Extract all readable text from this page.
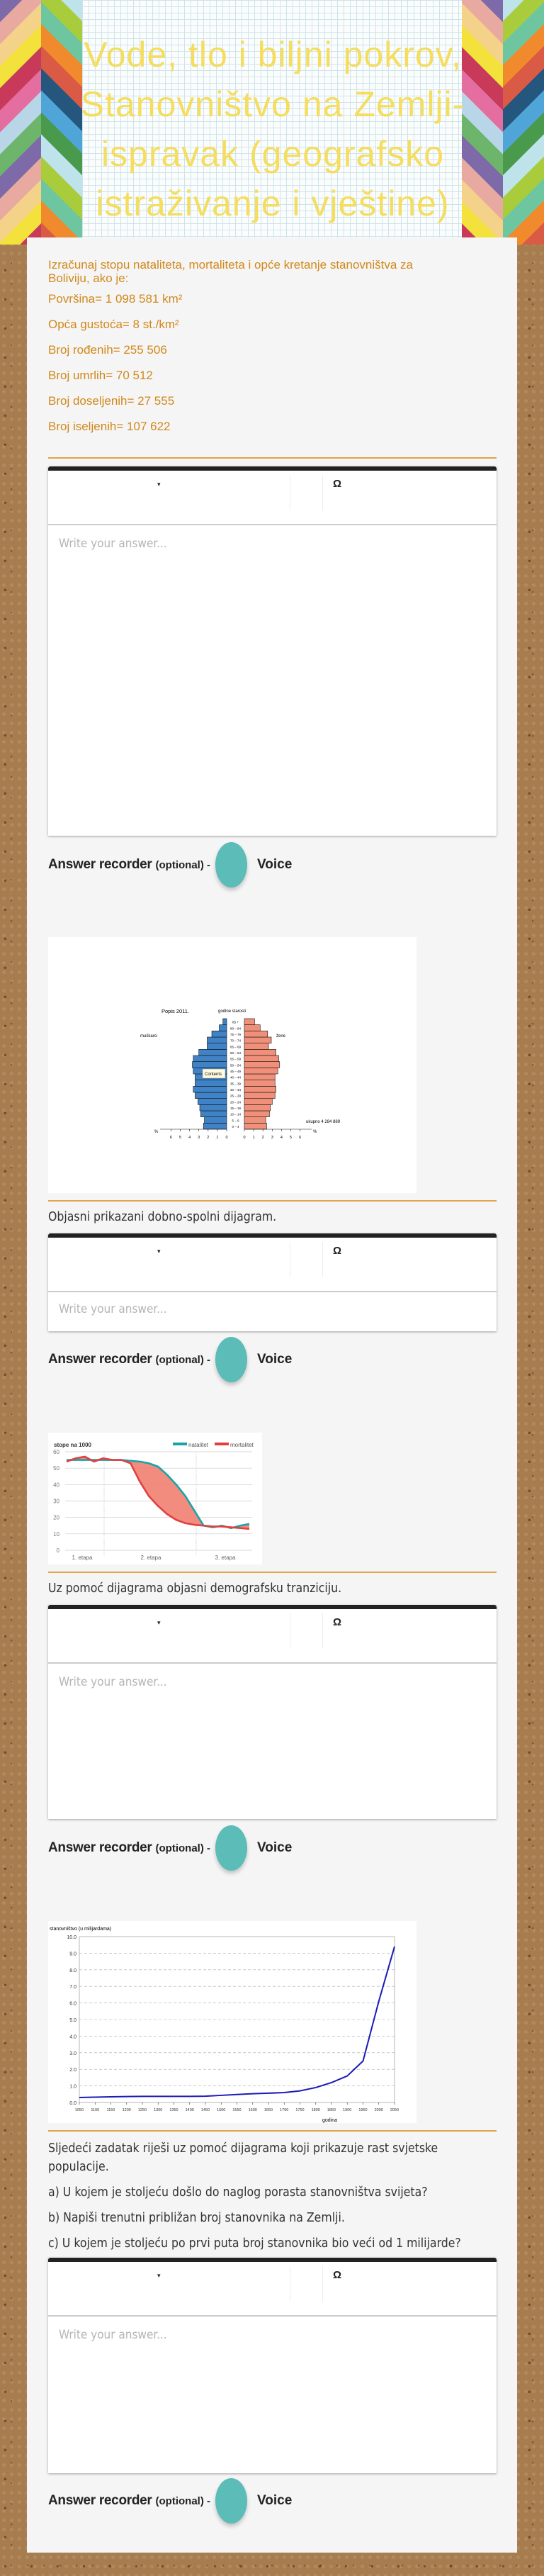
Vode, tlo i biljni pokrov, Stanovništvo na Zemlji- ispravak (geografsko istraživanje i vještine)
Izračunaj stopu nataliteta, mortaliteta i opće kretanje stanovništva za Boliviju, ako je:
Površina= 1 098 581 km²
Opća gustoća= 8 st./km²
Broj rođenih= 255 506
Broj umrlih= 70 512
Broj doseljenih= 27 555
Broj iseljenih= 107 622
▾	Ω
Write your answer...
Answer recorder (optional) -	Voice
Popis 2011.	godine starosti
muškarci	žene
ukupno 4 284 889
%	%
0 – 4
5 – 9
10 – 14
15 – 19
20 – 24
25 – 29
30 – 34
35 – 39
40 – 44
45 – 49
50 – 54
55 – 59
60 – 64
65 – 69
70 – 74
75 – 79
80 – 84
85 +
0	0
1	1
2	2
3	3
4	4
5	5
6	6
Contents
Objasni prikazani dobno-spolni dijagram.
▾	Ω
Write your answer...
Answer recorder (optional) -	Voice
stope na 1000
0
10
20
30
40
50
60
natalitet	mortalitet
1. etapa	2. etapa	3. etapa
Uz pomoć dijagrama objasni demografsku tranziciju.
▾	Ω
Write your answer...
Answer recorder (optional) -	Voice
stanovništvo (u milijardama)
godina
0.0
1.0
2.0
3.0
4.0
5.0
6.0
7.0
8.0
9.0
10.0
1050 1100 1150 1200 1250 1300 1350 1400 1450 1500 1550 1600 1650 1700 1750 1800 1850 1900 1950 2000 2050
Sljedeći zadatak riješi uz pomoć dijagrama koji prikazuje rast svjetske populacije.
a) U kojem je stoljeću došlo do naglog porasta stanovništva svijeta?
b) Napiši trenutni približan broj stanovnika na Zemlji.
c) U kojem je stoljeću po prvi puta broj stanovnika bio veći od 1 milijarde?
▾	Ω
Write your answer...
Answer recorder (optional) -	Voice
